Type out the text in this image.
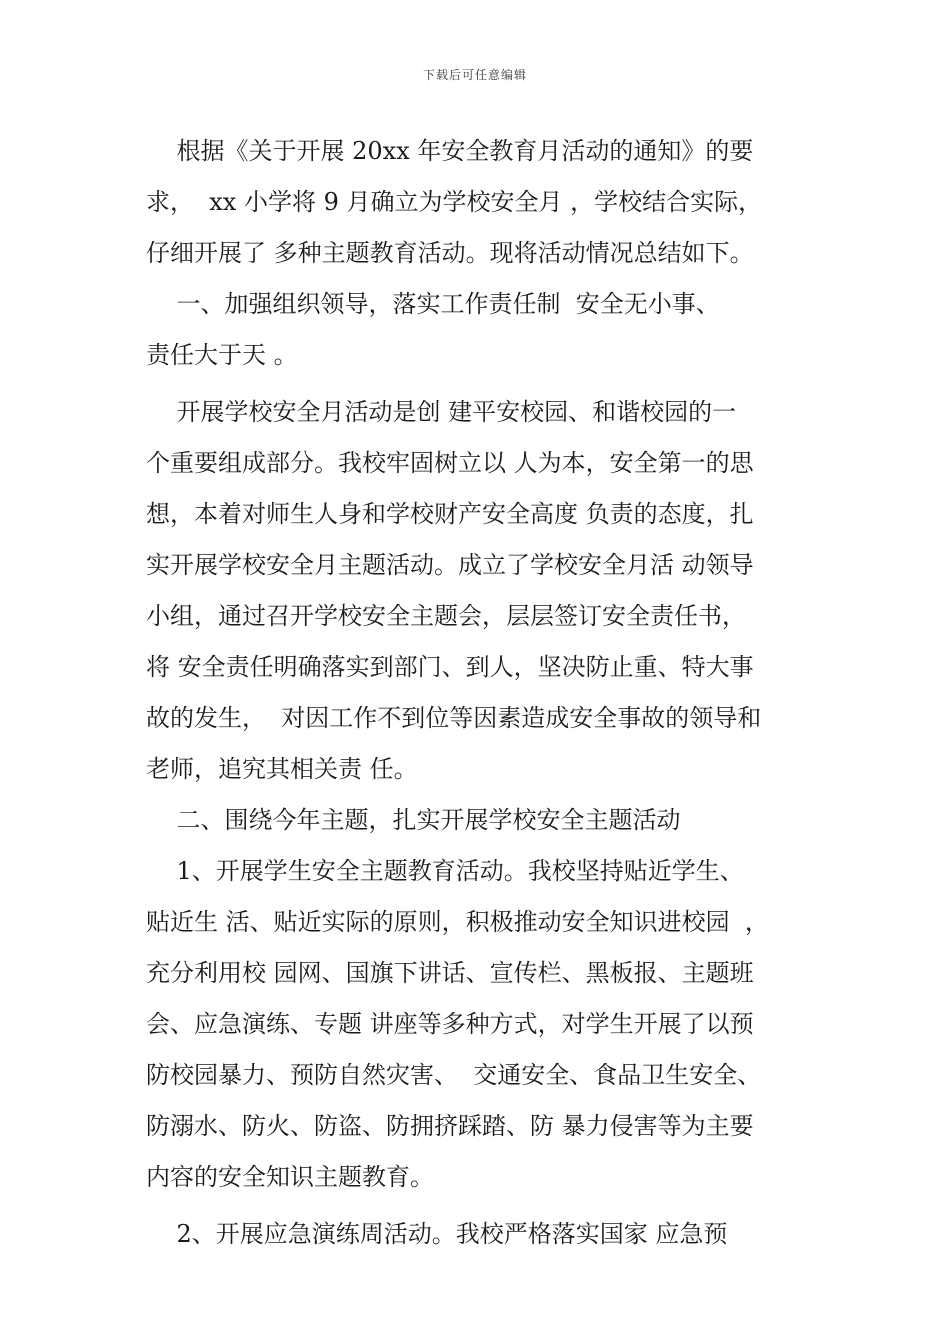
下载后可任意编辑
根据《关于开展 20xx 年安全教育月活动的通知》的要
求，  xx 小学将 9 月确立为学校安全月 ，学校结合实际，
仔细开展了 多种主题教育活动。现将活动情况总结如下。
一、加强组织领导，落实工作责任制  安全无小事、
责任大于天 。
开展学校安全月活动是创 建平安校园、和谐校园的一
个重要组成部分。我校牢固树立以 人为本，安全第一的思
想，本着对师生人身和学校财产安全高度 负责的态度，扎
实开展学校安全月主题活动。成立了学校安全月活 动领导
小组，通过召开学校安全主题会，层层签订安全责任书，
将 安全责任明确落实到部门、到人，坚决防止重、特大事
故的发生，  对因工作不到位等因素造成安全事故的领导和
老师，追究其相关责 任。
二、围绕今年主题，扎实开展学校安全主题活动
1、开展学生安全主题教育活动。我校坚持贴近学生、
贴近生 活、贴近实际的原则，积极推动安全知识进校园  ，
充分利用校 园网、国旗下讲话、宣传栏、黑板报、主题班
会、应急演练、专题 讲座等多种方式，对学生开展了以预
防校园暴力、预防自然灾害、  交通安全、食品卫生安全、
防溺水、防火、防盗、防拥挤踩踏、防 暴力侵害等为主要
内容的安全知识主题教育。
2、开展应急演练周活动。我校严格落实国家 应急预
